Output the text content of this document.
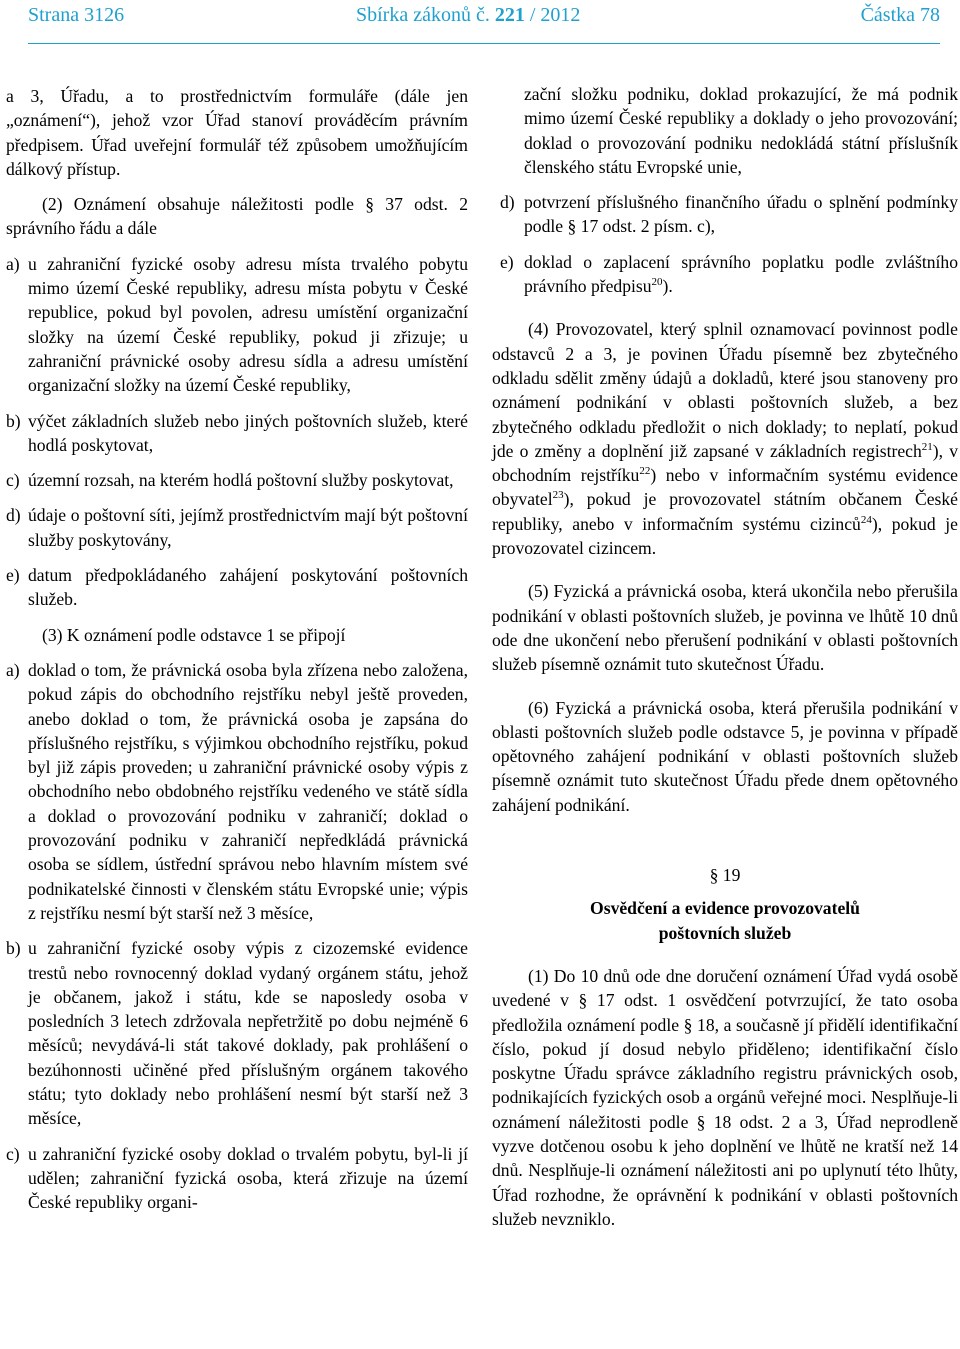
Strana 3126	Sbírka zákonů č. 221 / 2012	Částka 78

a 3, Úřadu, a to prostřednictvím formuláře (dále jen „oznámení“), jehož vzor Úřad stanoví prováděcím právním předpisem. Úřad uveřejní formulář též způsobem umožňujícím dálkový přístup.

(2) Oznámení obsahuje náležitosti podle § 37 odst. 2 správního řádu a dále

a) u zahraniční fyzické osoby adresu místa trvalého pobytu mimo území České republiky, adresu místa pobytu v České republice, pokud byl povolen, adresu umístění organizační složky na území České republiky, pokud ji zřizuje; u zahraniční právnické osoby adresu sídla a adresu umístění organizační složky na území České republiky,
b) výčet základních služeb nebo jiných poštovních služeb, které hodlá poskytovat,
c) územní rozsah, na kterém hodlá poštovní služby poskytovat,
d) údaje o poštovní síti, jejímž prostřednictvím mají být poštovní služby poskytovány,
e) datum předpokládaného zahájení poskytování poštovních služeb.

(3) K oznámení podle odstavce 1 se připojí

a) doklad o tom, že právnická osoba byla zřízena nebo založena, pokud zápis do obchodního rejstříku nebyl ještě proveden, anebo doklad o tom, že právnická osoba je zapsána do příslušného rejstříku, s výjimkou obchodního rejstříku, pokud byl již zápis proveden; u zahraniční právnické osoby výpis z obchodního nebo obdobného rejstříku vedeného ve státě sídla a doklad o provozování podniku v zahraničí; doklad o provozování podniku v zahraničí nepředkládá právnická osoba se sídlem, ústřední správou nebo hlavním místem své podnikatelské činnosti v členském státu Evropské unie; výpis z rejstříku nesmí být starší než 3 měsíce,
b) u zahraniční fyzické osoby výpis z cizozemské evidence trestů nebo rovnocenný doklad vydaný orgánem státu, jehož je občanem, jakož i státu, kde se naposledy osoba v posledních 3 letech zdržovala nepřetržitě po dobu nejméně 6 měsíců; nevydává-li stát takové doklady, pak prohlášení o bezúhonnosti učiněné před příslušným orgánem takového státu; tyto doklady nebo prohlášení nesmí být starší než 3 měsíce,
c) u zahraniční fyzické osoby doklad o trvalém pobytu, byl-li jí udělen; zahraniční fyzická osoba, která zřizuje na území České republiky organi-
zační složku podniku, doklad prokazující, že má podnik mimo území České republiky a doklady o jeho provozování; doklad o provozování podniku nedokládá státní příslušník členského státu Evropské unie,
d) potvrzení příslušného finančního úřadu o splnění podmínky podle § 17 odst. 2 písm. c),
e) doklad o zaplacení správního poplatku podle zvláštního právního předpisu$^{20}$).

(4) Provozovatel, který splnil oznamovací povinnost podle odstavců 2 a 3, je povinen Úřadu písemně bez zbytečného odkladu sdělit změny údajů a dokladů, které jsou stanoveny pro oznámení podnikání v oblasti poštovních služeb, a bez zbytečného odkladu předložit o nich doklady; to neplatí, pokud jde o změny a doplnění již zapsané v základních registrech$^{21}$), v obchodním rejstříku$^{22}$) nebo v informačním systému evidence obyvatel$^{23}$), pokud je provozovatel státním občanem České republiky, anebo v informačním systému cizinců$^{24}$), pokud je provozovatel cizincem.

(5) Fyzická a právnická osoba, která ukončila nebo přerušila podnikání v oblasti poštovních služeb, je povinna ve lhůtě 10 dnů ode dne ukončení nebo přerušení podnikání v oblasti poštovních služeb písemně oznámit tuto skutečnost Úřadu.

(6) Fyzická a právnická osoba, která přerušila podnikání v oblasti poštovních služeb podle odstavce 5, je povinna v případě opětovného zahájení podnikání v oblasti poštovních služeb písemně oznámit tuto skutečnost Úřadu přede dnem opětovného zahájení podnikání.

§ 19

Osvědčení a evidence provozovatelů

poštovních služeb

(1) Do 10 dnů ode dne doručení oznámení Úřad vydá osobě uvedené v § 17 odst. 1 osvědčení potvrzující, že tato osoba předložila oznámení podle § 18, a současně jí přidělí identifikační číslo, pokud jí dosud nebylo přiděleno; identifikační číslo poskytne Úřadu správce základního registru právnických osob, podnikajících fyzických osob a orgánů veřejné moci. Nesplňuje-li oznámení náležitosti podle § 18 odst. 2 a 3, Úřad neprodleně vyzve dotčenou osobu k jeho doplnění ve lhůtě ne kratší než 14 dnů. Nesplňuje-li oznámení náležitosti ani po uplynutí této lhůty, Úřad rozhodne, že oprávnění k podnikání v oblasti poštovních služeb nevzniklo.
